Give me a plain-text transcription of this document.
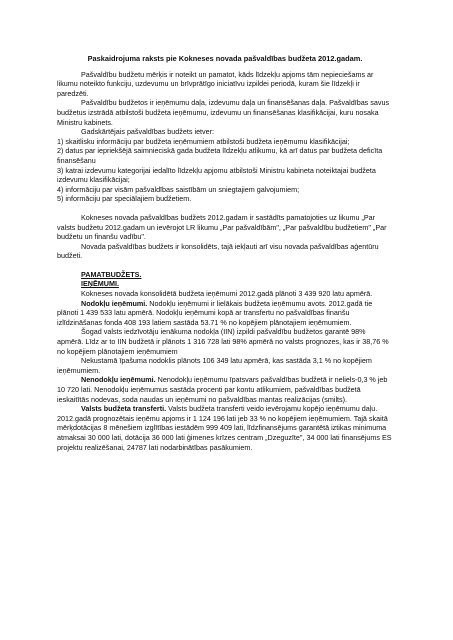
Paskaidrojuma raksts pie Kokneses novada pašvaldības budžeta 2012.gadam.

Pašvaldību budžetu mērķis ir noteikt un pamatot, kāds līdzekļu apjoms tām nepieciešams ar likumu noteikto funkciju, uzdevumu un brīvprātīgo iniciatīvu izpildei periodā, kuram šie līdzekļi ir paredzēti.

Pašvaldību budžetos ir ieņēmumu daļa, izdevumu daļa un finansēšanas daļa. Pašvaldības savus budžetus izstrādā atbilstoši budžeta ieņēmumu, izdevumu un finansēšanas klasifikācijai, kuru nosaka Ministru kabinets.

Gadskārtējais pašvaldības budžets ietver:

1) skaitlisku informāciju par budžeta ieņēmumiem atbilstoši budžeta ieņēmumu klasifikācijai;

2) datus par iepriekšējā saimnieciskā gada budžeta līdzekļu atlikumu, kā arī datus par budžeta deficīta finansēšanu

3) katrai izdevumu kategorijai iedalīto līdzekļu apjomu atbilstoši Ministru kabineta noteiktajai budžeta izdevumu klasifikācijai;

4) informāciju par visām pašvaldības saistībām un sniegtajiem galvojumiem;

5) informāciju par speciālajiem budžetiem.

Kokneses novada pašvaldības budžets 2012.gadam ir sastādīts pamatojoties uz likumu „Par valsts budžetu 2012.gadam un ievērojot LR likumu „Par pašvaldībām", „Par pašvaldību budžetiem" „Par budžetu un finanšu vadību".

Novada pašvaldības budžets ir konsolidēts, tajā iekļauti arī visu novada pašvaldības aģentūru budžeti.

PAMATBUDŽETS.

IEŅĒMUMI.

Kokneses novada konsolidētā budžeta ieņēmumi 2012.gadā plānoti 3 439 920 latu apmērā.

Nodokļu ieņēmumi. Nodokļu ieņēmumi ir lielākais budžeta ieņēmumu avots. 2012.gadā tie plānoti 1 439 533 latu apmērā. Nodokļu ieņēmumi kopā ar transfertu no pašvaldības finanšu izlīdzināšanas fonda 408 193 latiem sastāda 53.71 % no kopējiem plānotajiem ieņēmumiem.

Šogad valsts iedzīvotāju ienākuma nodokļa (IIN) izpildi pašvaldību budžetos garantē 98% apmērā. Līdz ar to IIN budžetā ir plānots 1 316 728 lati 98% apmērā no valsts prognozes, kas ir 38,76 % no kopējiem plānotajiem ieņēmumiem

Nekustamā īpašuma nodoklis plānots 106 349 latu apmērā, kas sastāda 3,1 % no kopējiem ieņēmumiem.

Nenodokļu ieņēmumi. Nenodokļu ieņēmumu īpatsvars pašvaldības budžetā ir neliels-0,3 % jeb 10 720 lati. Nenodokļu ieņēmumus sastāda procenti par kontu atlikumiem, pašvaldības budžetā ieskaitītās nodevas, soda naudas un ieņēmumi no pašvaldības mantas realizācijas (smilts).

Valsts budžeta transferti. Valsts budžeta transferti veido ievērojamu kopējo ieņēmumu daļu. 2012.gadā prognozētais ieņēmu apjoms ir 1 124 196 lati jeb 33 % no kopējiem ieņēmumiem. Tajā skaitā mērķdotācijas 8 mēnešiem izglītības iestādēm 999 409 lati, līdzfinansējums garantētā iztikas minimuma atmaksai 30 000 lati, dotācija 36 000 lati ģimenes krīzes centram „Dzeguzīte", 34 000 lati finansējums ES projektu realizēšanai, 24787 lati nodarbinātības pasākumiem.
